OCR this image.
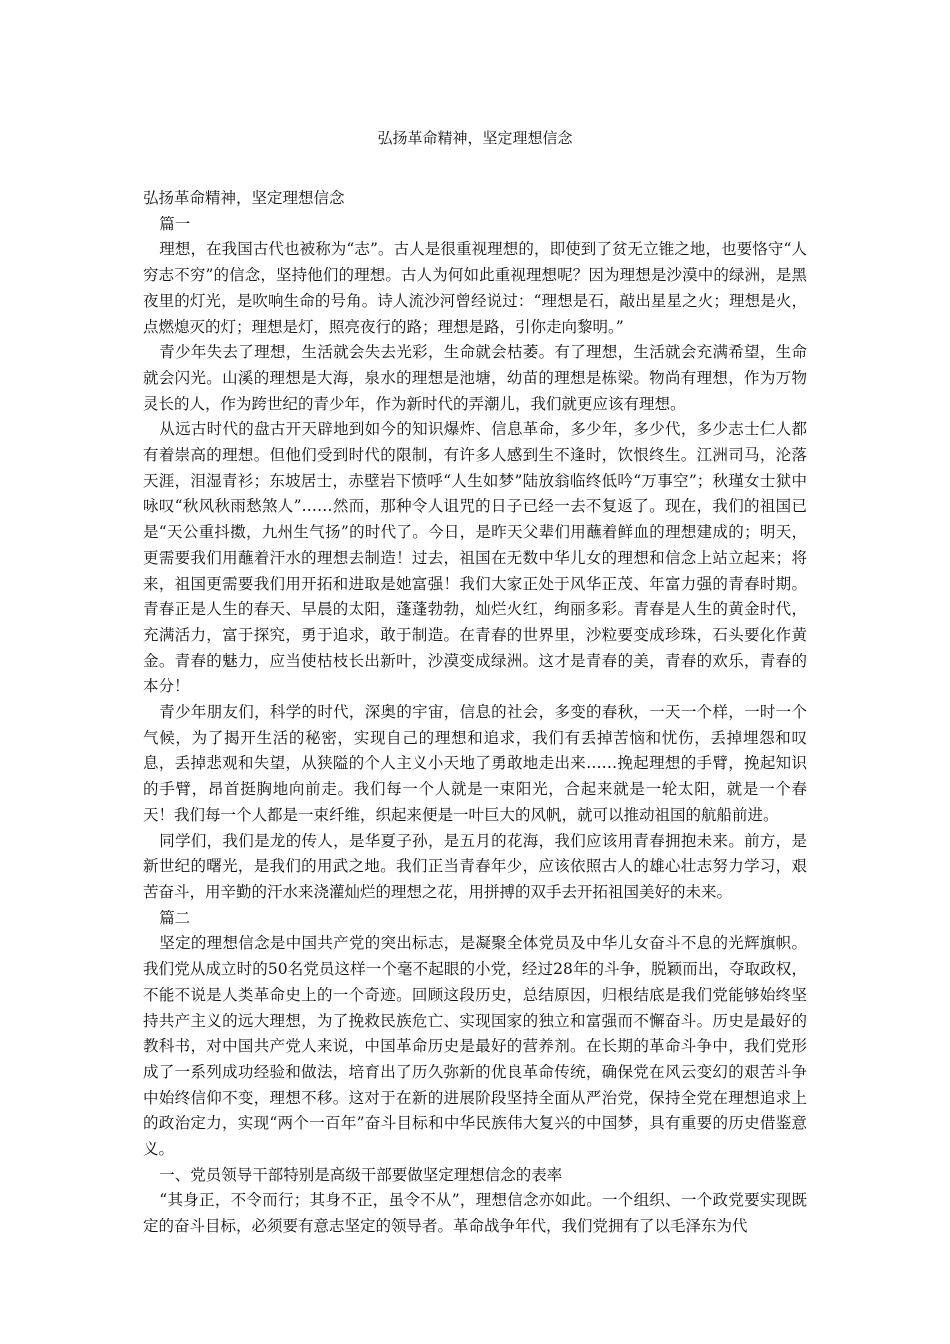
弘扬革命精神，坚定理想信念

弘扬革命精神，坚定理想信念

篇一

理想，在我国古代也被称为“志”。古人是很重视理想的，即使到了贫无立锥之地，也要恪守“人穷志不穷”的信念，坚持他们的理想。古人为何如此重视理想呢？因为理想是沙漠中的绿洲，是黑夜里的灯光，是吹响生命的号角。诗人流沙河曾经说过：“理想是石，敲出星星之火；理想是火，点燃熄灭的灯；理想是灯，照亮夜行的路；理想是路，引你走向黎明。”

青少年失去了理想，生活就会失去光彩，生命就会枯萎。有了理想，生活就会充满希望，生命就会闪光。山溪的理想是大海，泉水的理想是池塘，幼苗的理想是栋梁。物尚有理想，作为万物灵长的人，作为跨世纪的青少年，作为新时代的弄潮儿，我们就更应该有理想。

从远古时代的盘古开天辟地到如今的知识爆炸、信息革命，多少年，多少代，多少志士仁人都有着崇高的理想。但他们受到时代的限制，有许多人感到生不逢时，饮恨终生。江洲司马，沦落天涯，泪湿青衫；东坡居士，赤壁岩下愤呼“人生如梦”陆放翁临终低吟“万事空”；秋瑾女士狱中咏叹“秋风秋雨愁煞人”……然而，那种令人诅咒的日子已经一去不复返了。现在，我们的祖国已是“天公重抖擞，九州生气扬”的时代了。今日，是昨天父辈们用蘸着鲜血的理想建成的；明天，更需要我们用蘸着汗水的理想去制造！过去，祖国在无数中华儿女的理想和信念上站立起来；将来，祖国更需要我们用开拓和进取是她富强！我们大家正处于风华正茂、年富力强的青春时期。青春正是人生的春天、早晨的太阳，蓬蓬勃勃，灿烂火红，绚丽多彩。青春是人生的黄金时代，充满活力，富于探究，勇于追求，敢于制造。在青春的世界里，沙粒要变成珍珠，石头要化作黄金。青春的魅力，应当使枯枝长出新叶，沙漠变成绿洲。这才是青春的美，青春的欢乐，青春的本分！

青少年朋友们，科学的时代，深奥的宇宙，信息的社会，多变的春秋，一天一个样，一时一个气候，为了揭开生活的秘密，实现自己的理想和追求，我们有丢掉苦恼和忧伤，丢掉埋怨和叹息，丢掉悲观和失望，从狭隘的个人主义小天地了勇敢地走出来……挽起理想的手臂，挽起知识的手臂，昂首挺胸地向前走。我们每一个人就是一束阳光，合起来就是一轮太阳，就是一个春天！我们每一个人都是一束纤维，织起来便是一叶巨大的风帆，就可以推动祖国的航船前进。

同学们，我们是龙的传人，是华夏子孙，是五月的花海，我们应该用青春拥抱未来。前方，是新世纪的曙光，是我们的用武之地。我们正当青春年少，应该依照古人的雄心壮志努力学习，艰苦奋斗，用辛勤的汗水来浇灌灿烂的理想之花，用拼搏的双手去开拓祖国美好的未来。

篇二

坚定的理想信念是中国共产党的突出标志，是凝聚全体党员及中华儿女奋斗不息的光辉旗帜。我们党从成立时的50名党员这样一个毫不起眼的小党，经过28年的斗争，脱颖而出，夺取政权，不能不说是人类革命史上的一个奇迹。回顾这段历史，总结原因，归根结底是我们党能够始终坚持共产主义的远大理想，为了挽救民族危亡、实现国家的独立和富强而不懈奋斗。历史是最好的教科书，对中国共产党人来说，中国革命历史是最好的营养剂。在长期的革命斗争中，我们党形成了一系列成功经验和做法，培育出了历久弥新的优良革命传统，确保党在风云变幻的艰苦斗争中始终信仰不变，理想不移。这对于在新的进展阶段坚持全面从严治党，保持全党在理想追求上的政治定力，实现“两个一百年”奋斗目标和中华民族伟大复兴的中国梦，具有重要的历史借鉴意义。

一、党员领导干部特别是高级干部要做坚定理想信念的表率

“其身正，不令而行；其身不正，虽令不从”，理想信念亦如此。一个组织、一个政党要实现既定的奋斗目标，必须要有意志坚定的领导者。革命战争年代，我们党拥有了以毛泽东为代
